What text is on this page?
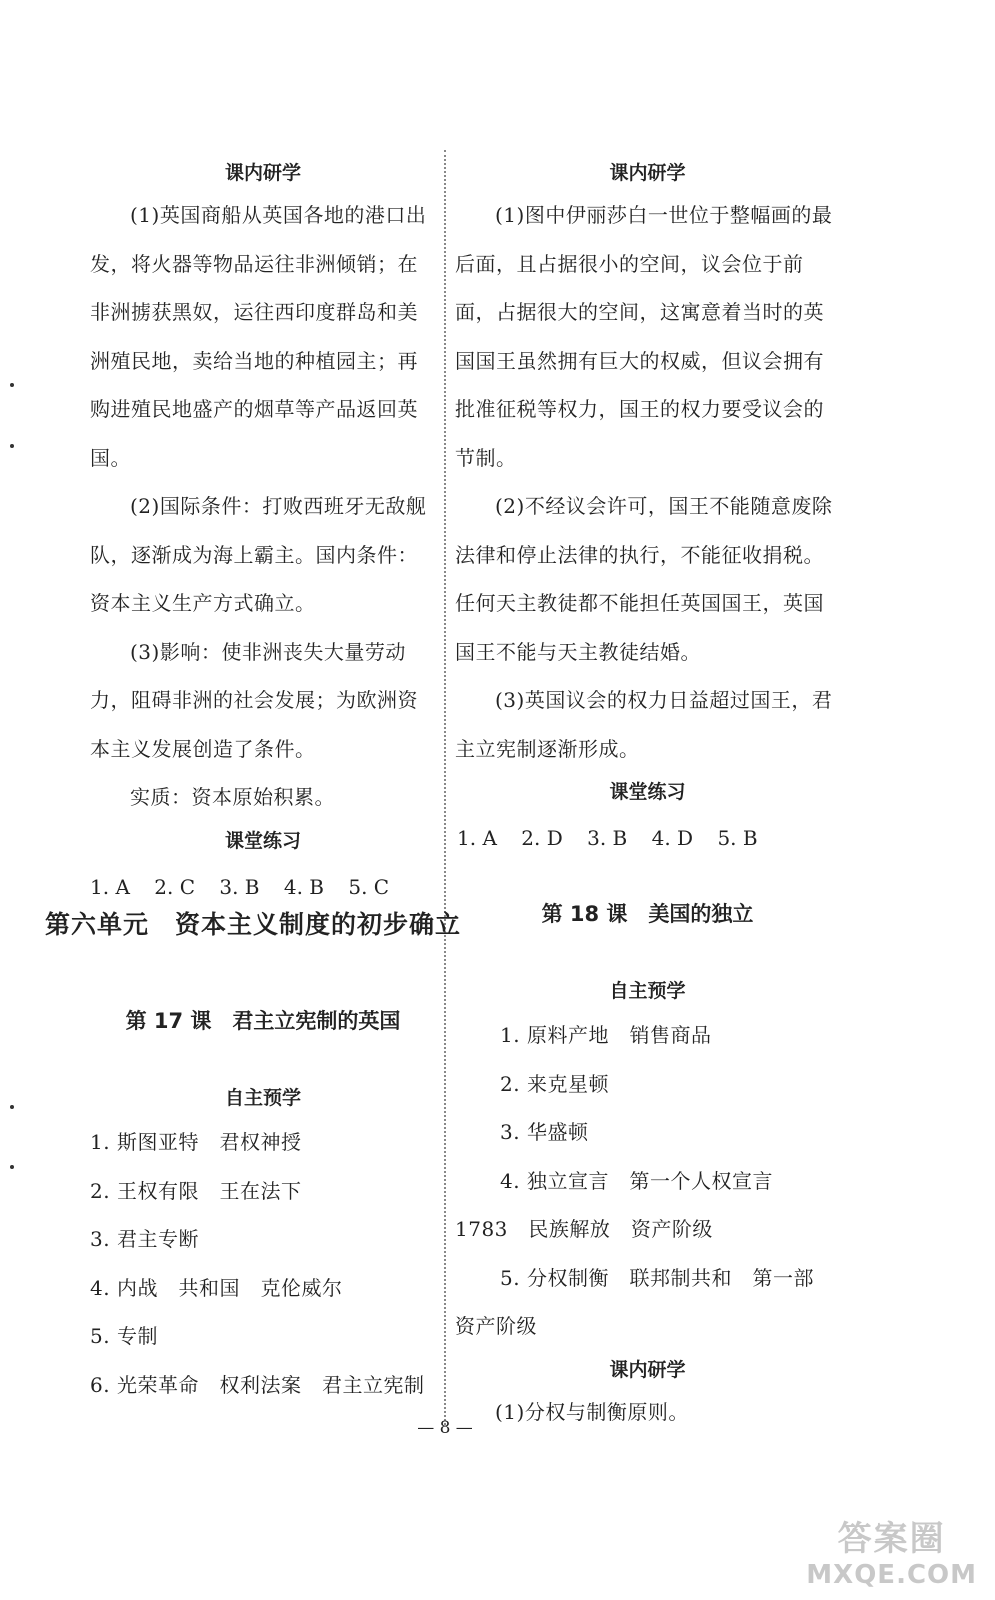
课内研学

(1)英国商船从英国各地的港口出发，将火器等物品运往非洲倾销；在非洲掳获黑奴，运往西印度群岛和美洲殖民地，卖给当地的种植园主；再购进殖民地盛产的烟草等产品返回英国。

(2)国际条件：打败西班牙无敌舰队，逐渐成为海上霸主。国内条件：资本主义生产方式确立。

(3)影响：使非洲丧失大量劳动力，阻碍非洲的社会发展；为欧洲资本主义发展创造了条件。

实质：资本原始积累。

课堂练习

1. A 2. C 3. B 4. B 5. C

第六单元　资本主义制度的初步确立

第 17 课　君主立宪制的英国

自主预学

1. 斯图亚特　君权神授

2. 王权有限　王在法下

3. 君主专断

4. 内战　共和国　克伦威尔

5. 专制

6. 光荣革命　权利法案　君主立宪制

课内研学

(1)图中伊丽莎白一世位于整幅画的最后面，且占据很小的空间，议会位于前面，占据很大的空间，这寓意着当时的英国国王虽然拥有巨大的权威，但议会拥有批准征税等权力，国王的权力要受议会的节制。

(2)不经议会许可，国王不能随意废除法律和停止法律的执行，不能征收捐税。任何天主教徒都不能担任英国国王，英国国王不能与天主教徒结婚。

(3)英国议会的权力日益超过国王，君主立宪制逐渐形成。

课堂练习

1. A 2. D 3. B 4. D 5. B

第 18 课　美国的独立

自主预学

1. 原料产地　销售商品

2. 来克星顿

3. 华盛顿

4. 独立宣言　第一个人权宣言

1783　民族解放　资产阶级

5. 分权制衡　联邦制共和　第一部

资产阶级

课内研学

(1)分权与制衡原则。

— 8 —
答案圈
MXQE.COM
